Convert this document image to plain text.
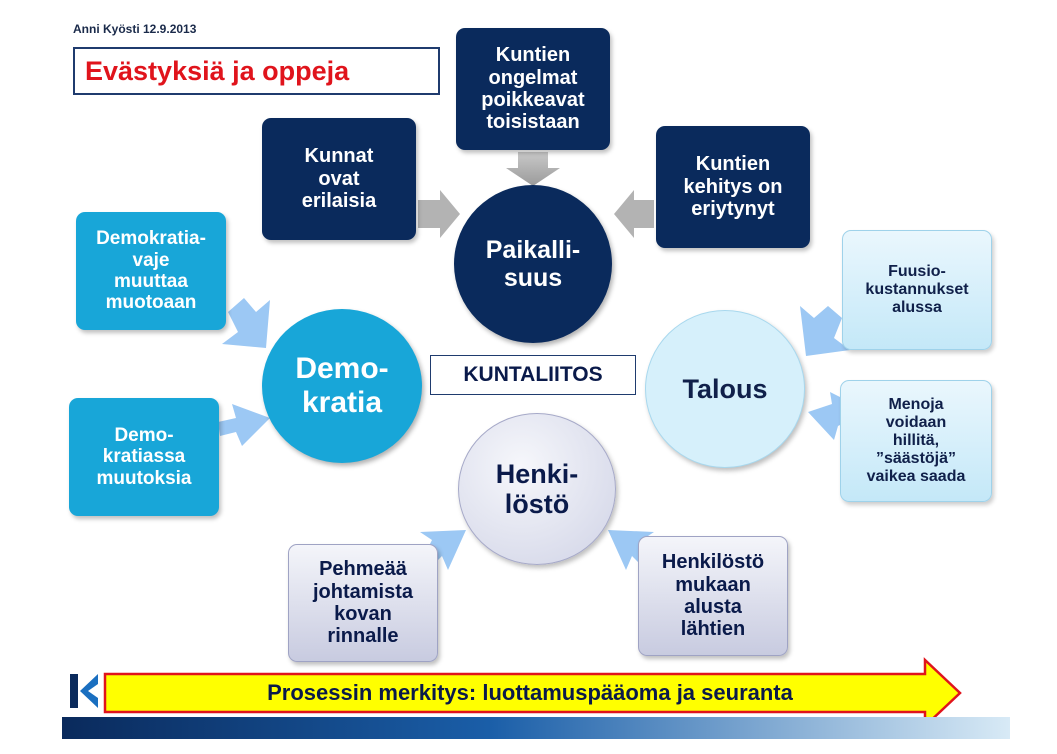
Anni Kyösti 12.9.2013
Evästyksiä ja oppeja
Kunnat
ovat
erilaisia
Kuntien
ongelmat
poikkeavat
toisistaan
Kuntien
kehitys on
eriytynyt
Demokratia-
vaje
muuttaa
muotoaan
Demo-
kratiassa
muutoksia
Fuusio-
kustannukset
alussa
Menoja
voidaan
hillitä,
”säästöjä”
vaikea saada
Pehmeää
johtamista
kovan
rinnalle
Henkilöstö
mukaan
alusta
lähtien
Paikalli-
suus
Demo-
kratia	Talous
Henki-
löstö
KUNTALIITOS
Prosessin merkitys: luottamuspääoma ja seuranta
